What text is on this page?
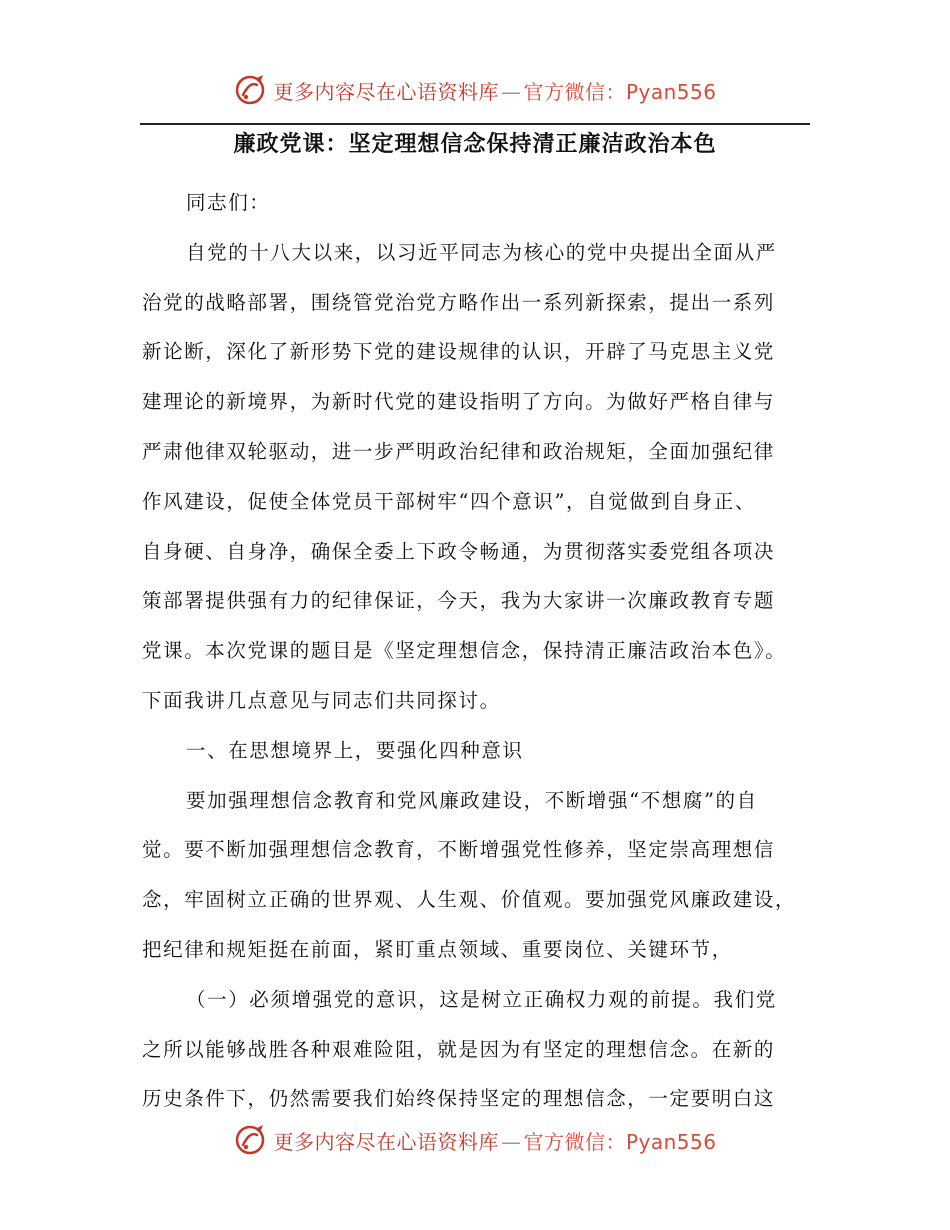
更多内容尽在心语资料库 — 官方微信：Pyan556
廉政党课：坚定理想信念保持清正廉洁政治本色

同志们：

自党的十八大以来，以习近平同志为核心的党中央提出全面从严

治党的战略部署，围绕管党治党方略作出一系列新探索，提出一系列

新论断，深化了新形势下党的建设规律的认识，开辟了马克思主义党

建理论的新境界，为新时代党的建设指明了方向。为做好严格自律与

严肃他律双轮驱动，进一步严明政治纪律和政治规矩，全面加强纪律

作风建设，促使全体党员干部树牢“四个意识”，自觉做到自身正、

自身硬、自身净，确保全委上下政令畅通，为贯彻落实委党组各项决

策部署提供强有力的纪律保证，今天，我为大家讲一次廉政教育专题

党课。本次党课的题目是《坚定理想信念，保持清正廉洁政治本色》。

下面我讲几点意见与同志们共同探讨。

一、在思想境界上，要强化四种意识

要加强理想信念教育和党风廉政建设，不断增强“不想腐”的自

觉。要不断加强理想信念教育，不断增强党性修养，坚定崇高理想信

念，牢固树立正确的世界观、人生观、价值观。要加强党风廉政建设，

把纪律和规矩挺在前面，紧盯重点领域、重要岗位、关键环节，

（一）必须增强党的意识，这是树立正确权力观的前提。我们党

之所以能够战胜各种艰难险阻，就是因为有坚定的理想信念。在新的

历史条件下，仍然需要我们始终保持坚定的理想信念，一定要明白这

更多内容尽在心语资料库 — 官方微信：Pyan556
